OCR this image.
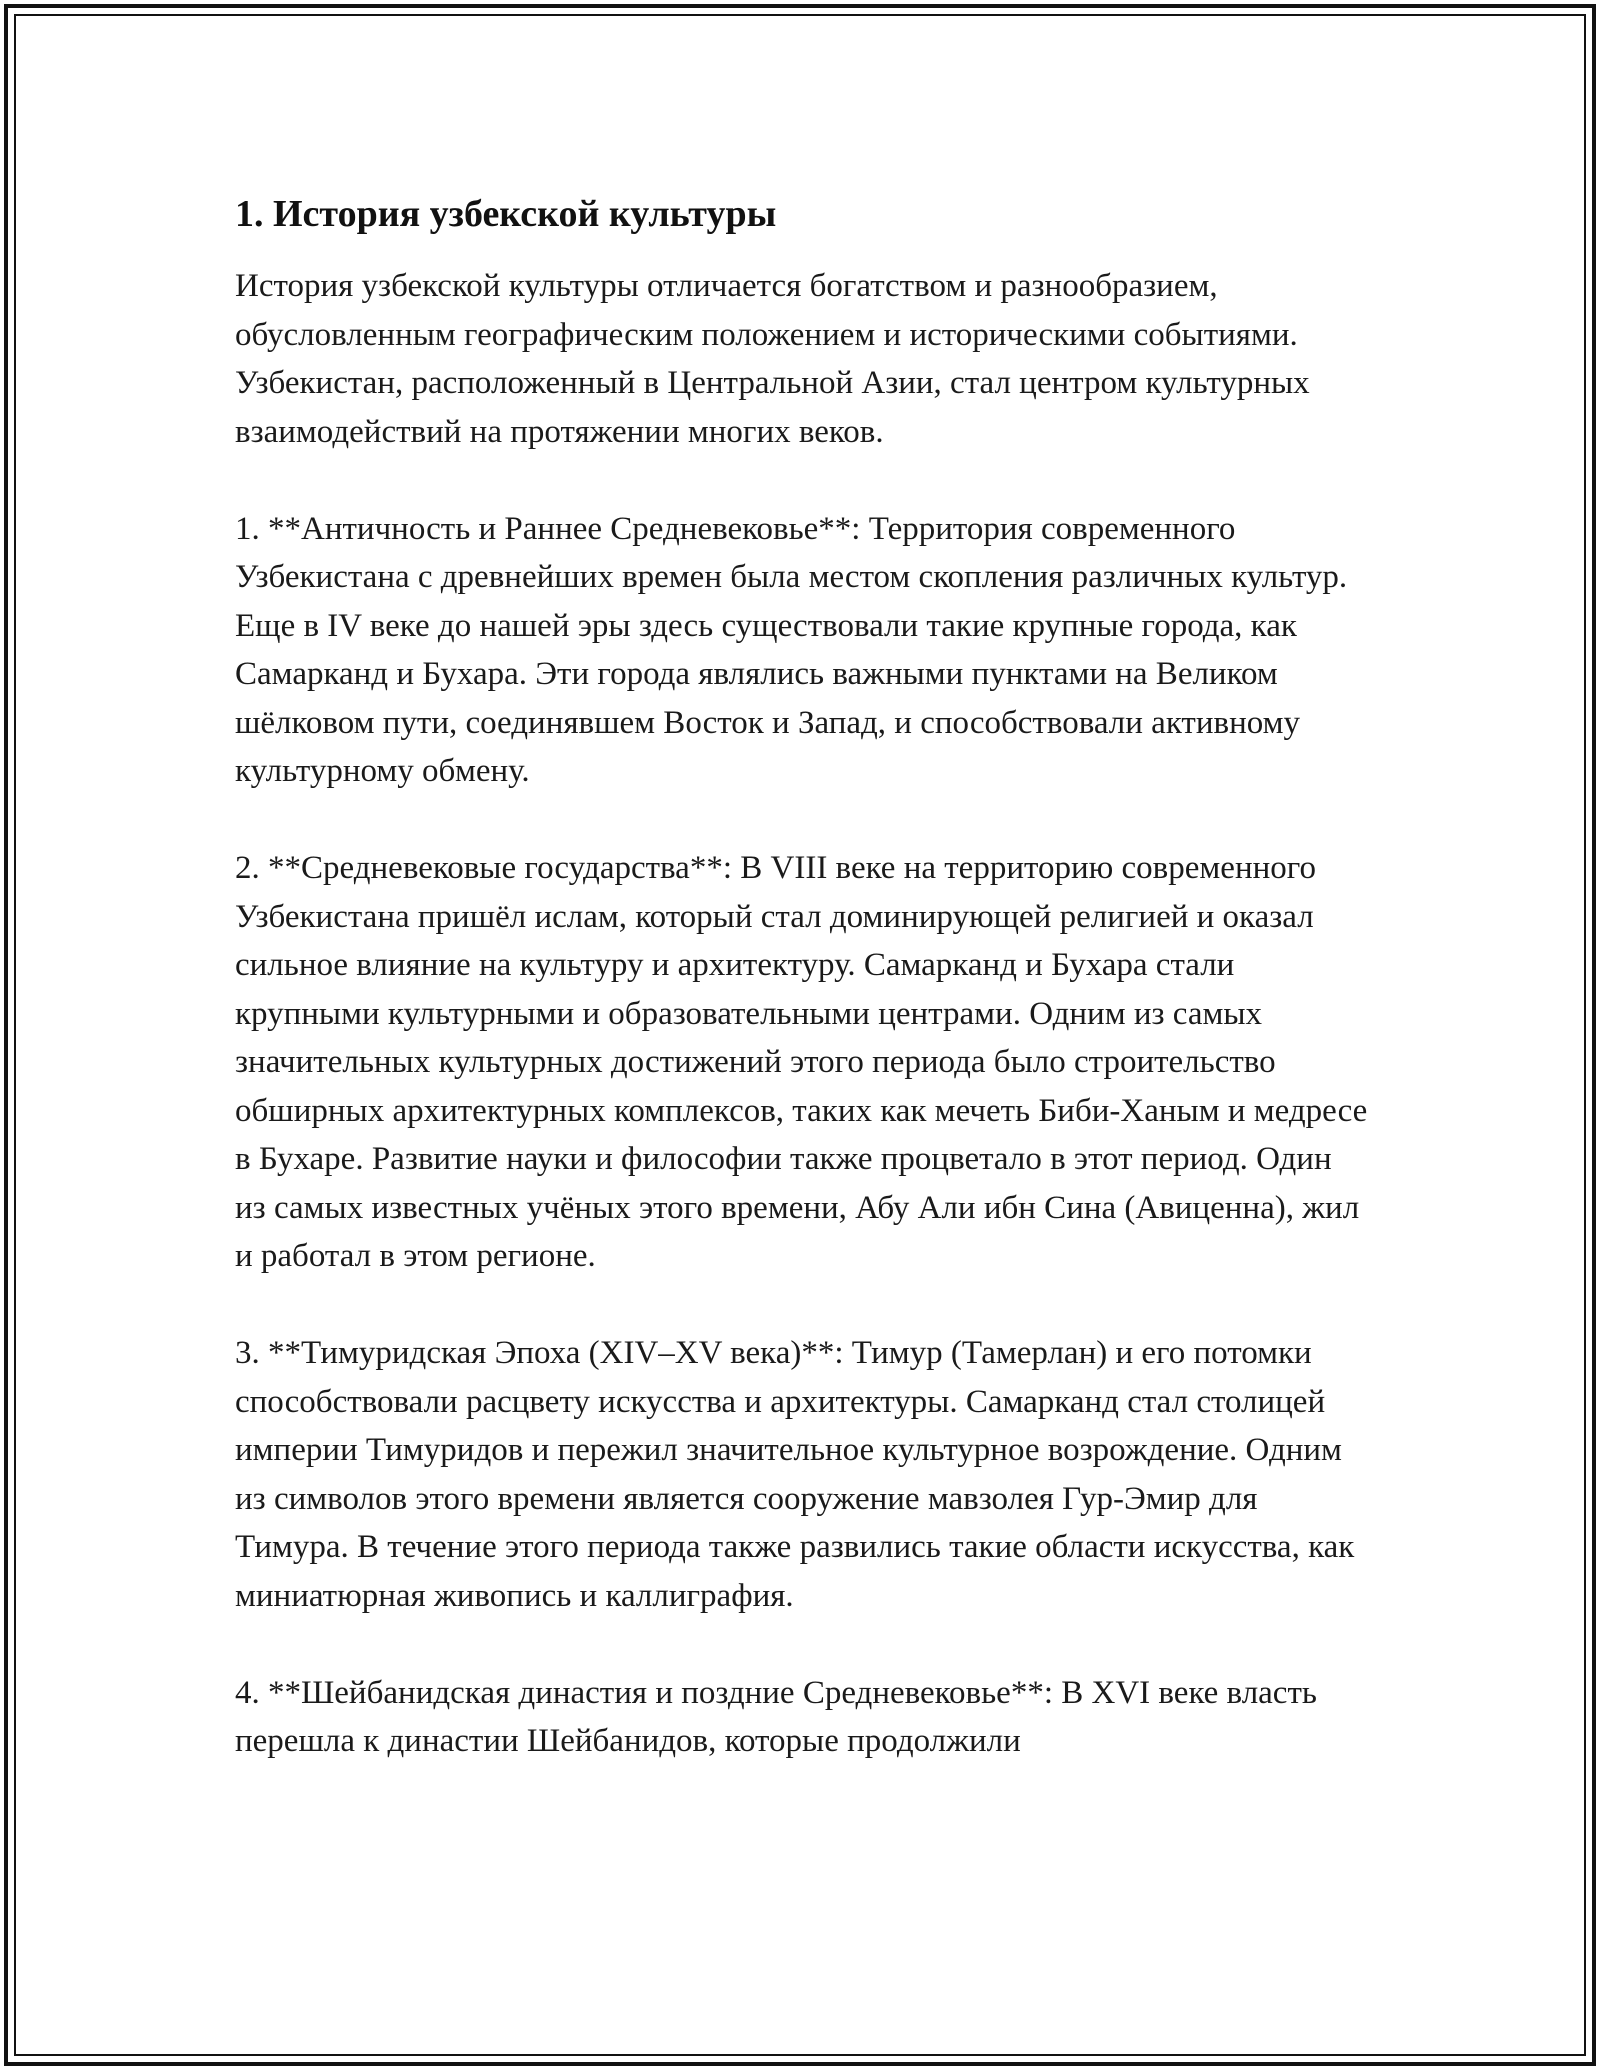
1. История узбекской культуры

История узбекской культуры отличается богатством и разнообразием, обусловленным географическим положением и историческими событиями. Узбекистан, расположенный в Центральной Азии, стал центром культурных взаимодействий на протяжении многих веков.

1. **Античность и Раннее Средневековье**: Территория современного Узбекистана с древнейших времен была местом скопления различных культур. Еще в IV веке до нашей эры здесь существовали такие крупные города, как Самарканд и Бухара. Эти города являлись важными пунктами на Великом шёлковом пути, соединявшем Восток и Запад, и способствовали активному культурному обмену.

2. **Средневековые государства**: В VIII веке на территорию современного Узбекистана пришёл ислам, который стал доминирующей религией и оказал сильное влияние на культуру и архитектуру. Самарканд и Бухара стали крупными культурными и образовательными центрами. Одним из самых значительных культурных достижений этого периода было строительство обширных архитектурных комплексов, таких как мечеть Биби-Ханым и медресе в Бухаре. Развитие науки и философии также процветало в этот период. Один из самых известных учёных этого времени, Абу Али ибн Сина (Авиценна), жил и работал в этом регионе.

3. **Тимуридская Эпоха (XIV–XV века)**: Тимур (Тамерлан) и его потомки способствовали расцвету искусства и архитектуры. Самарканд стал столицей империи Тимуридов и пережил значительное культурное возрождение. Одним из символов этого времени является сооружение мавзолея Гур-Эмир для Тимура. В течение этого периода также развились такие области искусства, как миниатюрная живопись и каллиграфия.

4. **Шейбанидская династия и поздние Средневековье**: В XVI веке власть перешла к династии Шейбанидов, которые продолжили
